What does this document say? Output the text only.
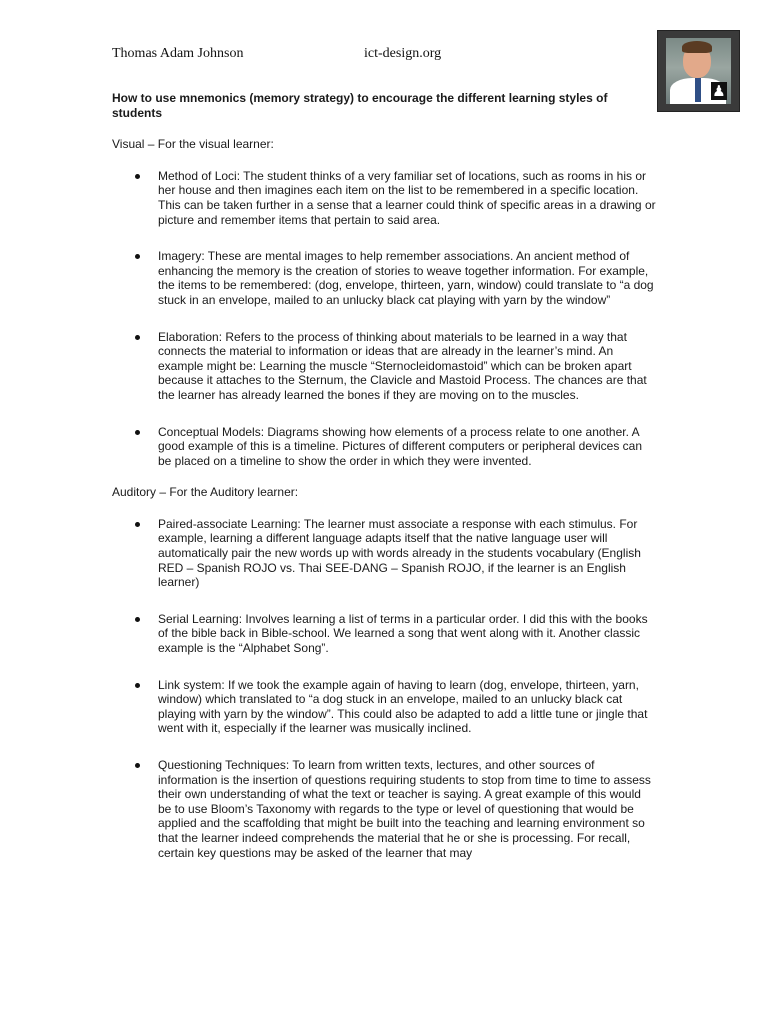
Thomas Adam Johnson	ict-design.org
♟
How to use mnemonics (memory strategy) to encourage the different learning styles of students
Visual – For the visual learner:
Method of Loci: The student thinks of a very familiar set of locations, such as rooms in his or her house and then imagines each item on the list to be remembered in a specific location. This can be taken further in a sense that a learner could think of specific areas in a drawing or picture and remember items that pertain to said area.
Imagery: These are mental images to help remember associations. An ancient method of enhancing the memory is the creation of stories to weave together information. For example, the items to be remembered: (dog, envelope, thirteen, yarn, window) could translate to “a dog stuck in an envelope, mailed to an unlucky black cat playing with yarn by the window”
Elaboration: Refers to the process of thinking about materials to be learned in a way that connects the material to information or ideas that are already in the learner’s mind. An example might be: Learning the muscle “Sternocleidomastoid” which can be broken apart because it attaches to the Sternum, the Clavicle and Mastoid Process. The chances are that the learner has already learned the bones if they are moving on to the muscles.
Conceptual Models: Diagrams showing how elements of a process relate to one another. A good example of this is a timeline. Pictures of different computers or peripheral devices can be placed on a timeline to show the order in which they were invented.
Auditory – For the Auditory learner:
Paired-associate Learning: The learner must associate a response with each stimulus. For example, learning a different language adapts itself that the native language user will automatically pair the new words up with words already in the students vocabulary (English RED – Spanish ROJO vs. Thai SEE-DANG – Spanish ROJO, if the learner is an English learner)
Serial Learning: Involves learning a list of terms in a particular order. I did this with the books of the bible back in Bible-school. We learned a song that went along with it. Another classic example is the “Alphabet Song”.
Link system: If we took the example again of having to learn (dog, envelope, thirteen, yarn, window) which translated to “a dog stuck in an envelope, mailed to an unlucky black cat playing with yarn by the window”. This could also be adapted to add a little tune or jingle that went with it, especially if the learner was musically inclined.
Questioning Techniques: To learn from written texts, lectures, and other sources of information is the insertion of questions requiring students to stop from time to time to assess their own understanding of what the text or teacher is saying. A great example of this would be to use Bloom’s Taxonomy with regards to the type or level of questioning that would be applied and the scaffolding that might be built into the teaching and learning environment so that the learner indeed comprehends the material that he or she is processing. For recall, certain key questions may be asked of the learner that may
